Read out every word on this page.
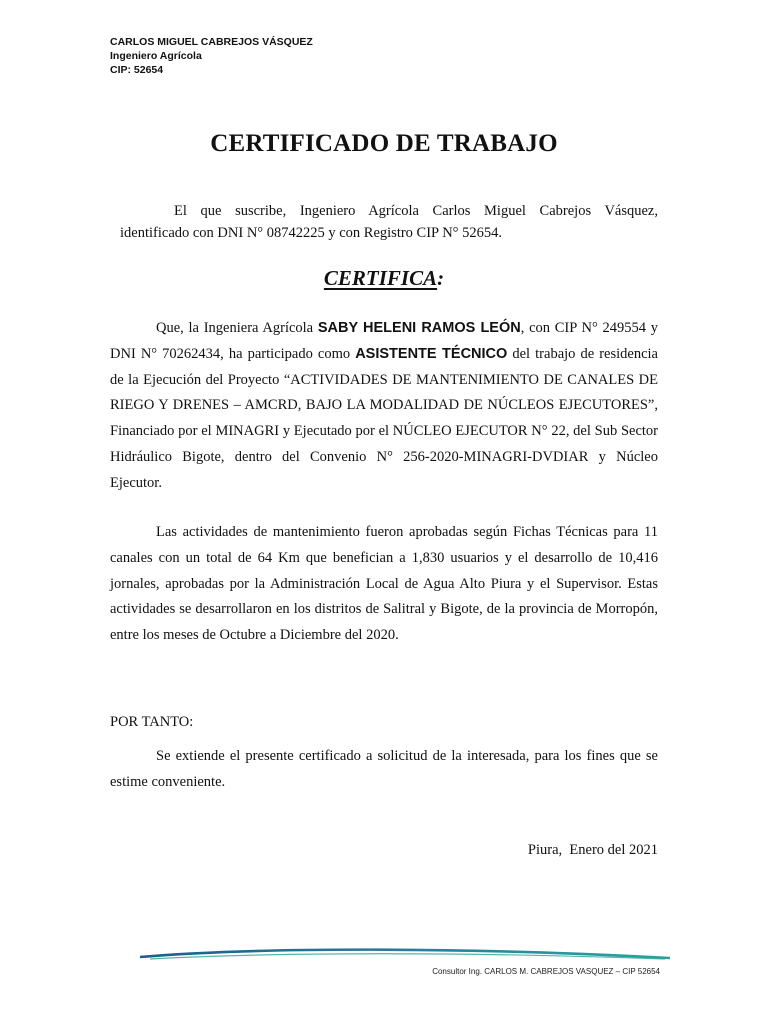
CARLOS MIGUEL CABREJOS VÁSQUEZ
Ingeniero Agrícola
CIP: 52654
CERTIFICADO DE TRABAJO
El que suscribe, Ingeniero Agrícola Carlos Miguel Cabrejos Vásquez,
identificado con DNI N° 08742225 y con Registro CIP N° 52654.
CERTIFICA:
Que, la Ingeniera Agrícola SABY HELENI RAMOS LEÓN, con CIP N° 249554 y DNI N° 70262434, ha participado como ASISTENTE TÉCNICO del trabajo de residencia de la Ejecución del Proyecto “ACTIVIDADES DE MANTENIMIENTO DE CANALES DE RIEGO Y DRENES – AMCRD, BAJO LA MODALIDAD DE NÚCLEOS EJECUTORES”, Financiado por el MINAGRI y Ejecutado por el NÚCLEO EJECUTOR N° 22, del Sub Sector Hidráulico Bigote, dentro del Convenio N° 256-2020-MINAGRI-DVDIAR y Núcleo Ejecutor.
Las actividades de mantenimiento fueron aprobadas según Fichas Técnicas para 11 canales con un total de 64 Km que benefician a 1,830 usuarios y el desarrollo de 10,416 jornales, aprobadas por la Administración Local de Agua Alto Piura y el Supervisor. Estas actividades se desarrollaron en los distritos de Salitral y Bigote, de la provincia de Morropón, entre los meses de Octubre a Diciembre del 2020.
POR TANTO:
Se extiende el presente certificado a solicitud de la interesada, para los fines que se estime conveniente.
Piura,  Enero del 2021
Consultor Ing. CARLOS M. CABREJOS VASQUEZ – CIP 52654
